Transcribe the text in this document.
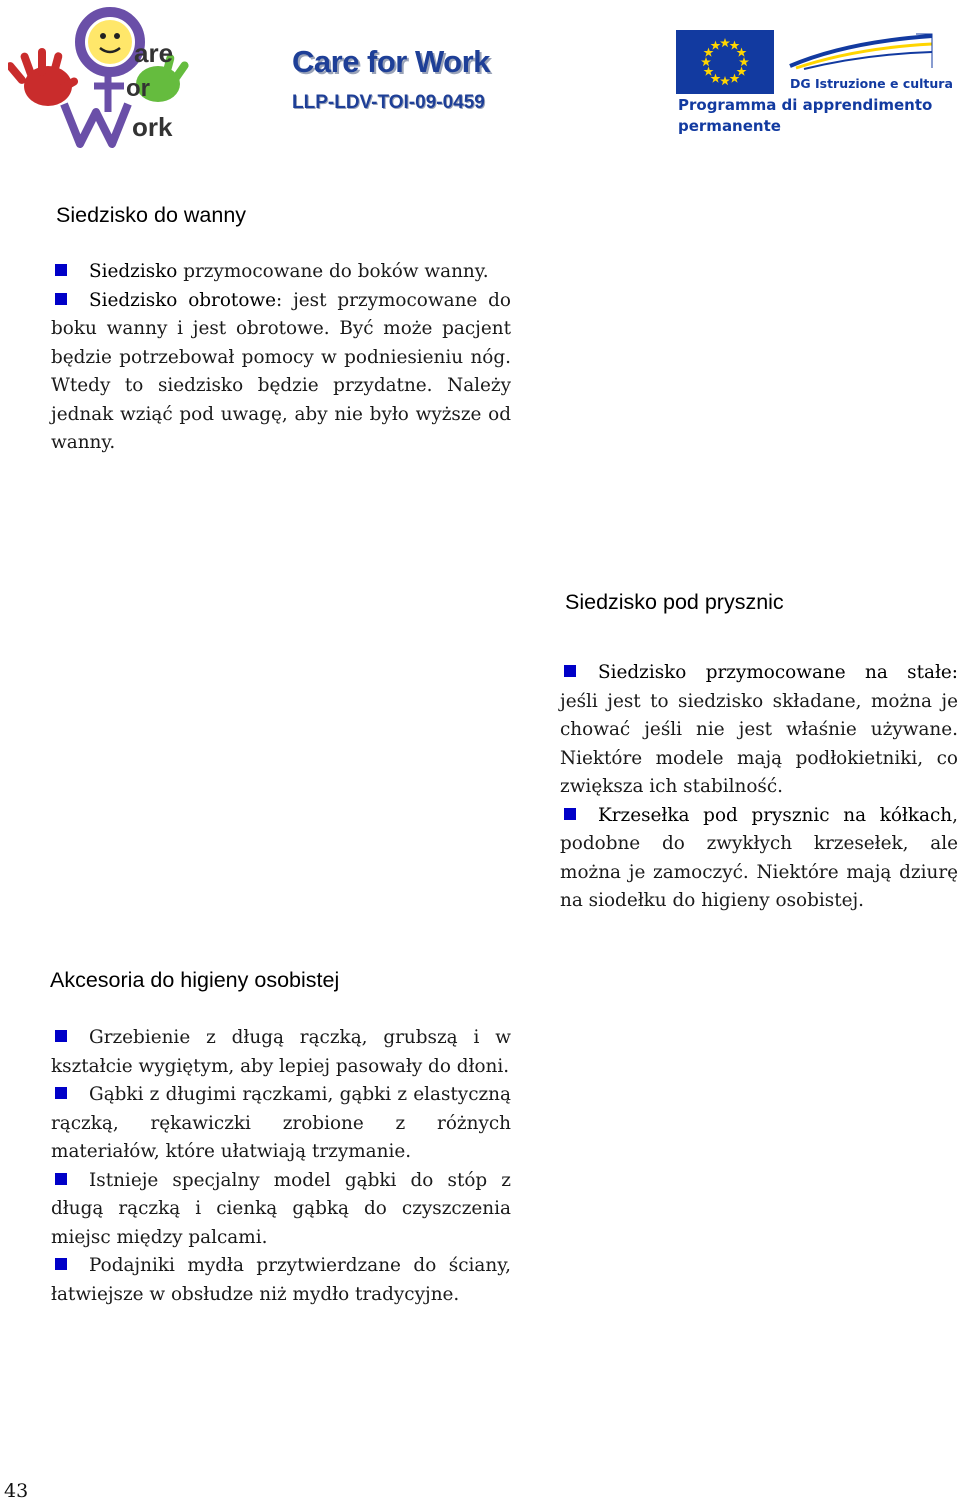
are
or
ork
Care for Work
LLP-LDV-TOI-09-0459
DG Istruzione e cultura
Programma di apprendimento
permanente
Siedzisko do wanny
Siedzisko przymocowane do boków wanny.
Siedzisko obrotowe: jest przymocowane do boku wanny i jest obrotowe. Być może pacjent będzie potrzebował pomocy w podniesieniu nóg. Wtedy to siedzisko będzie przydatne. Należy jednak wziąć pod uwagę, aby nie było wyższe od wanny.
Siedzisko pod prysznic
Siedzisko przymocowane na stałe: jeśli jest to siedzisko składane, można je chować jeśli nie jest właśnie używane. Niektóre modele mają podłokietniki, co zwiększa ich stabilność.
Krzesełka pod prysznic na kółkach, podobne do zwykłych krzesełek, ale można je zamoczyć. Niektóre mają dziurę na siodełku do higieny osobistej.
Akcesoria do higieny osobistej
Grzebienie z długą rączką, grubszą i w kształcie wygiętym, aby lepiej pasowały do dłoni.
Gąbki z długimi rączkami, gąbki z elastyczną rączką, rękawiczki zrobione z różnych materiałów, które ułatwiają trzymanie.
Istnieje specjalny model gąbki do stóp z długą rączką i cienką gąbką do czyszczenia miejsc między palcami.
Podajniki mydła przytwierdzane do ściany, łatwiejsze w obsłudze niż mydło tradycyjne.
43
